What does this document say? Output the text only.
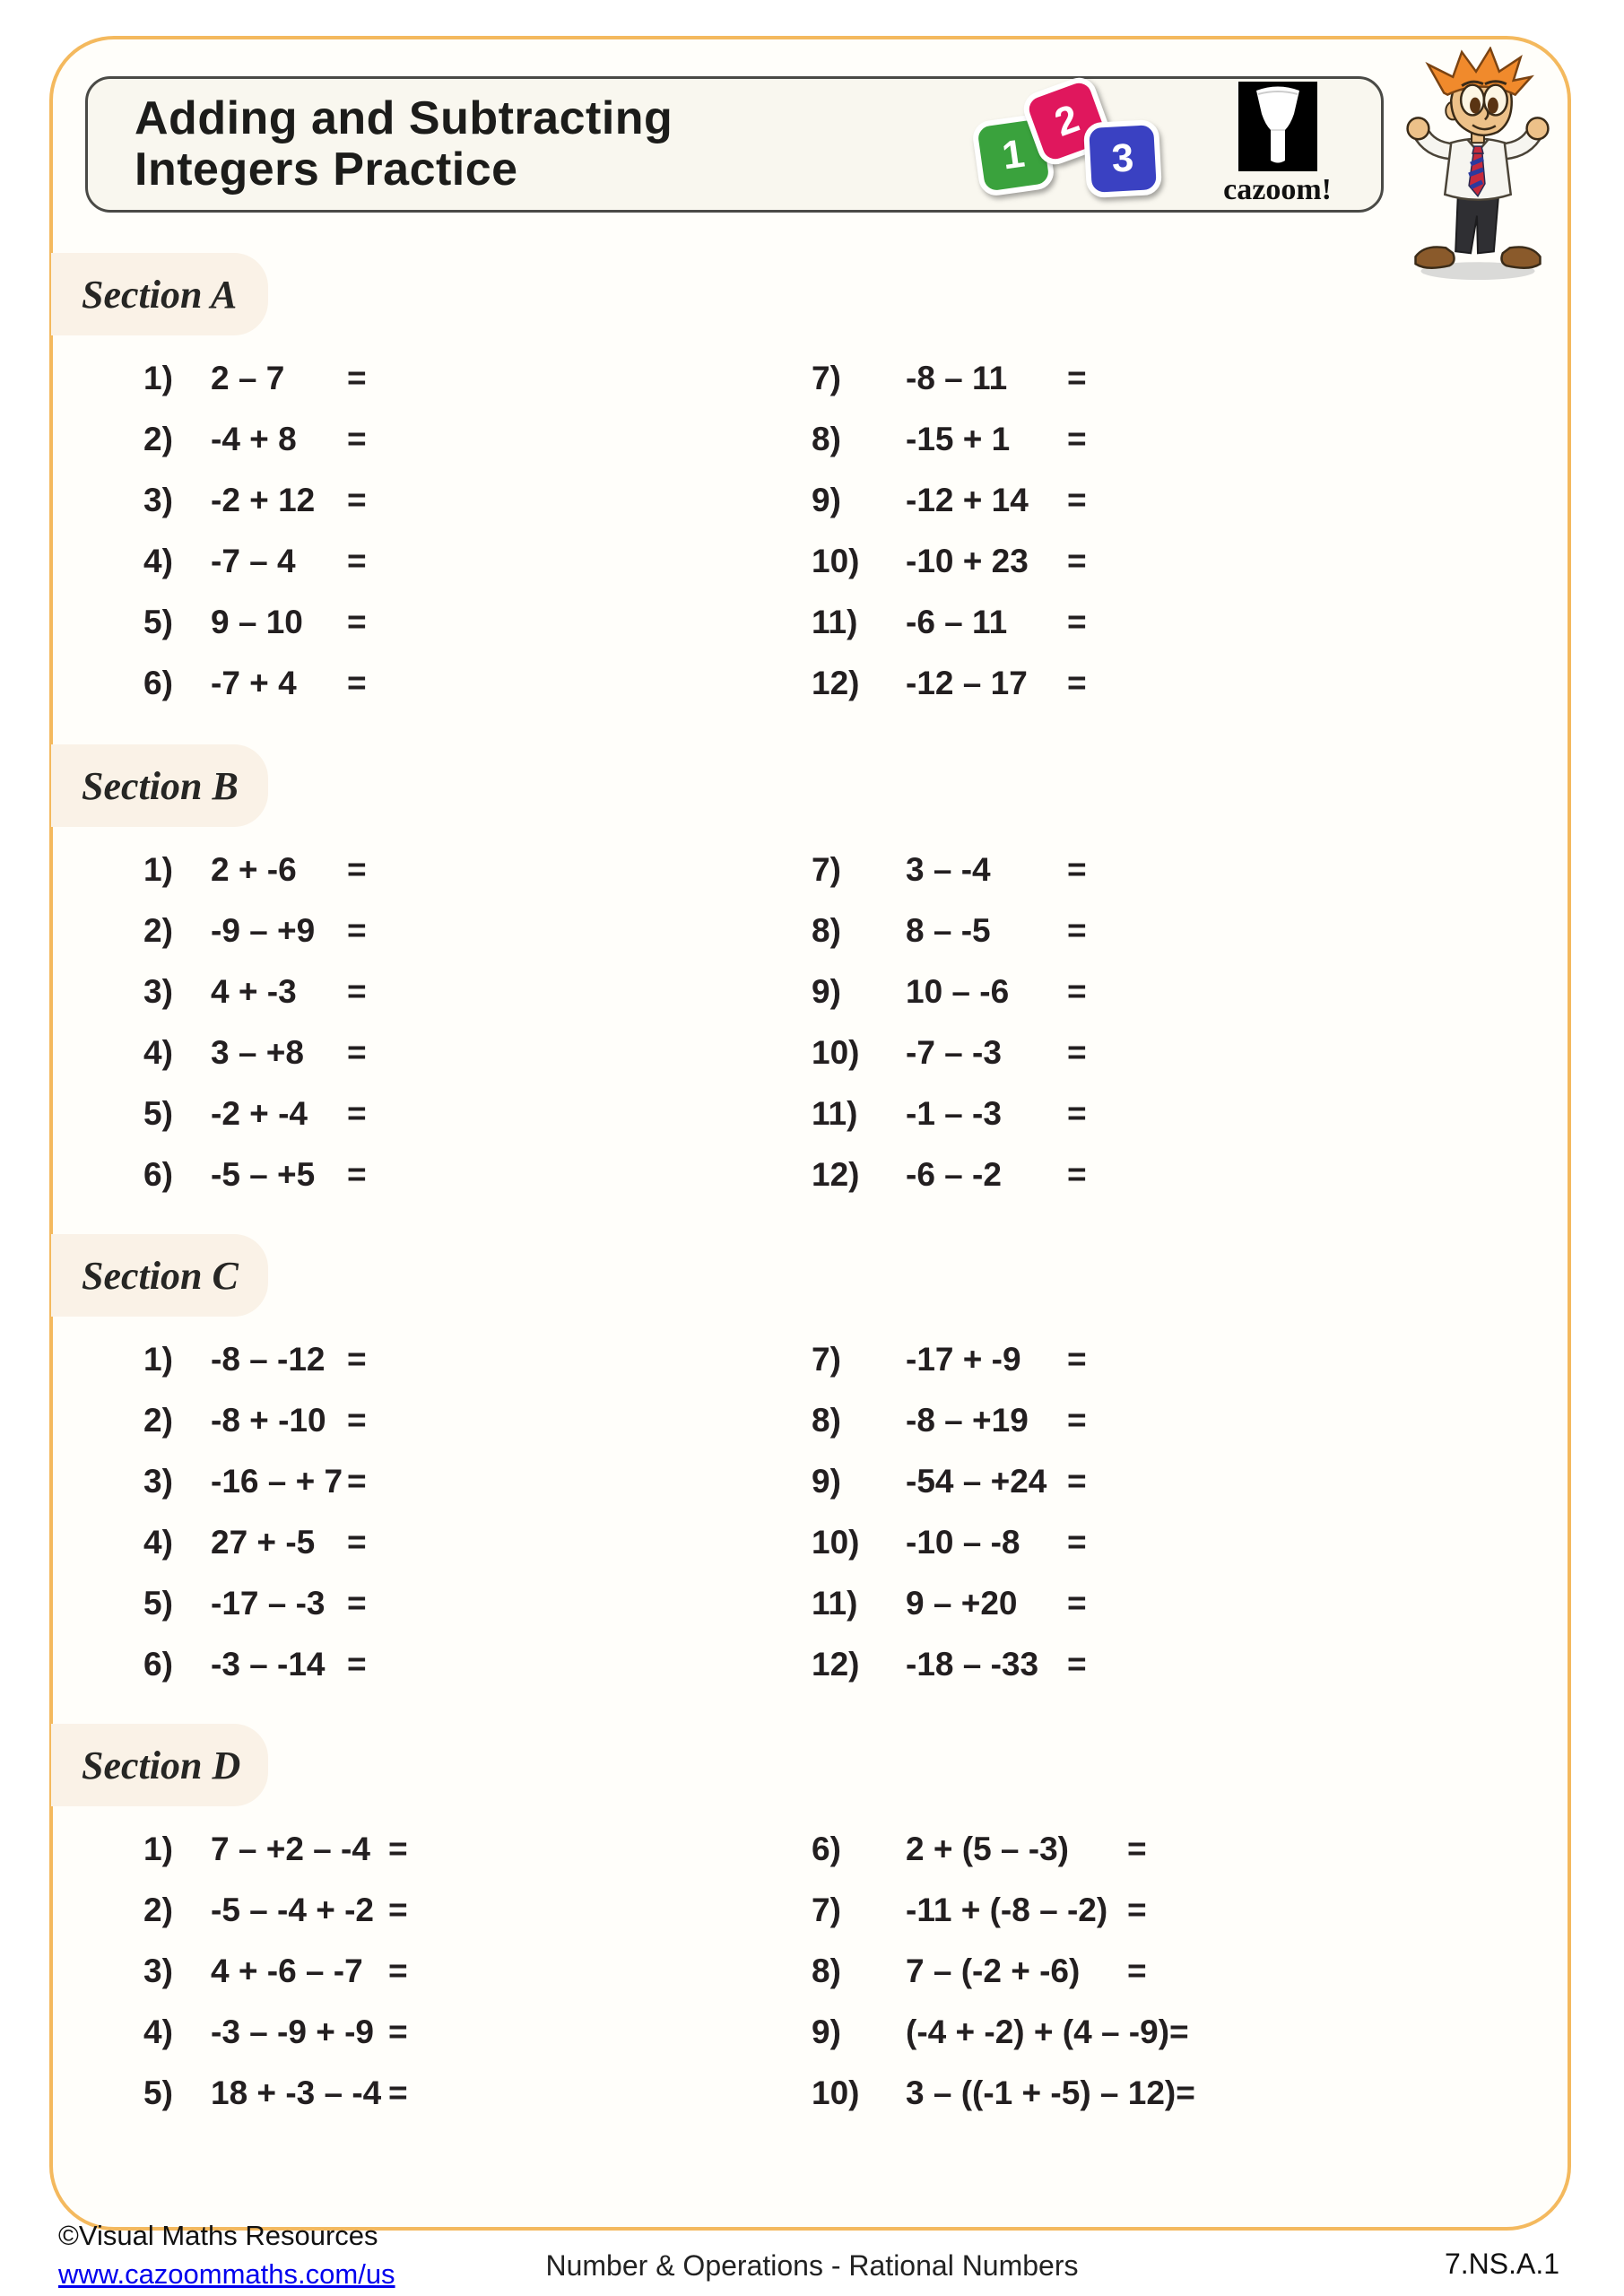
Adding and Subtracting
Integers Practice	1
2
3
cazoom!
Section A
1)	2 – 7	=
2)	-4 + 8	=
3)	-2 + 12 =
4)	-7 – 4	=
5)	9 – 10	=
6)	-7 + 4	=
7)	-8 – 11	=
8)	-15 + 1	=
9)	-12 + 14	=
10)	-10 + 23	=
11)	-6 – 11	=
12)	-12 – 17	=
Section B
1)	2 + -6	=
2)	-9 – +9 =
3)	4 + -3	=
4)	3 – +8	=
5)	-2 + -4	=
6)	-5 – +5 =
7)	3 – -4	=
8)	8 – -5	=
9)	10 – -6	=
10)	-7 – -3	=
11)	-1 – -3	=
12)	-6 – -2	=
Section C
1)	-8 – -12 =
2)	-8 + -10 =
3)	-16 – + 7 =
4)	27 + -5 =
5)	-17 – -3 =
6)	-3 – -14 =
7)	-17 + -9	=
8)	-8 – +19	=
9)	-54 – +24 =
10)	-10 – -8	=
11)	9 – +20	=
12)	-18 – -33 =
Section D
1)	7 – +2 – -4 =
2)	-5 – -4 + -2 =
3)	4 + -6 – -7 =
4)	-3 – -9 + -9 =
5)	18 + -3 – -4 =
6)	2 + (5 – -3)	=
7)	-11 + (-8 – -2) =
8)	7 – (-2 + -6)	=
9)	(-4 + -2) + (4 – -9) =
10)	3 – ((-1 + -5) – 12) =
©Visual Maths Resources
www.cazoommaths.com/us	Number & Operations - Rational Numbers	7.NS.A.1
